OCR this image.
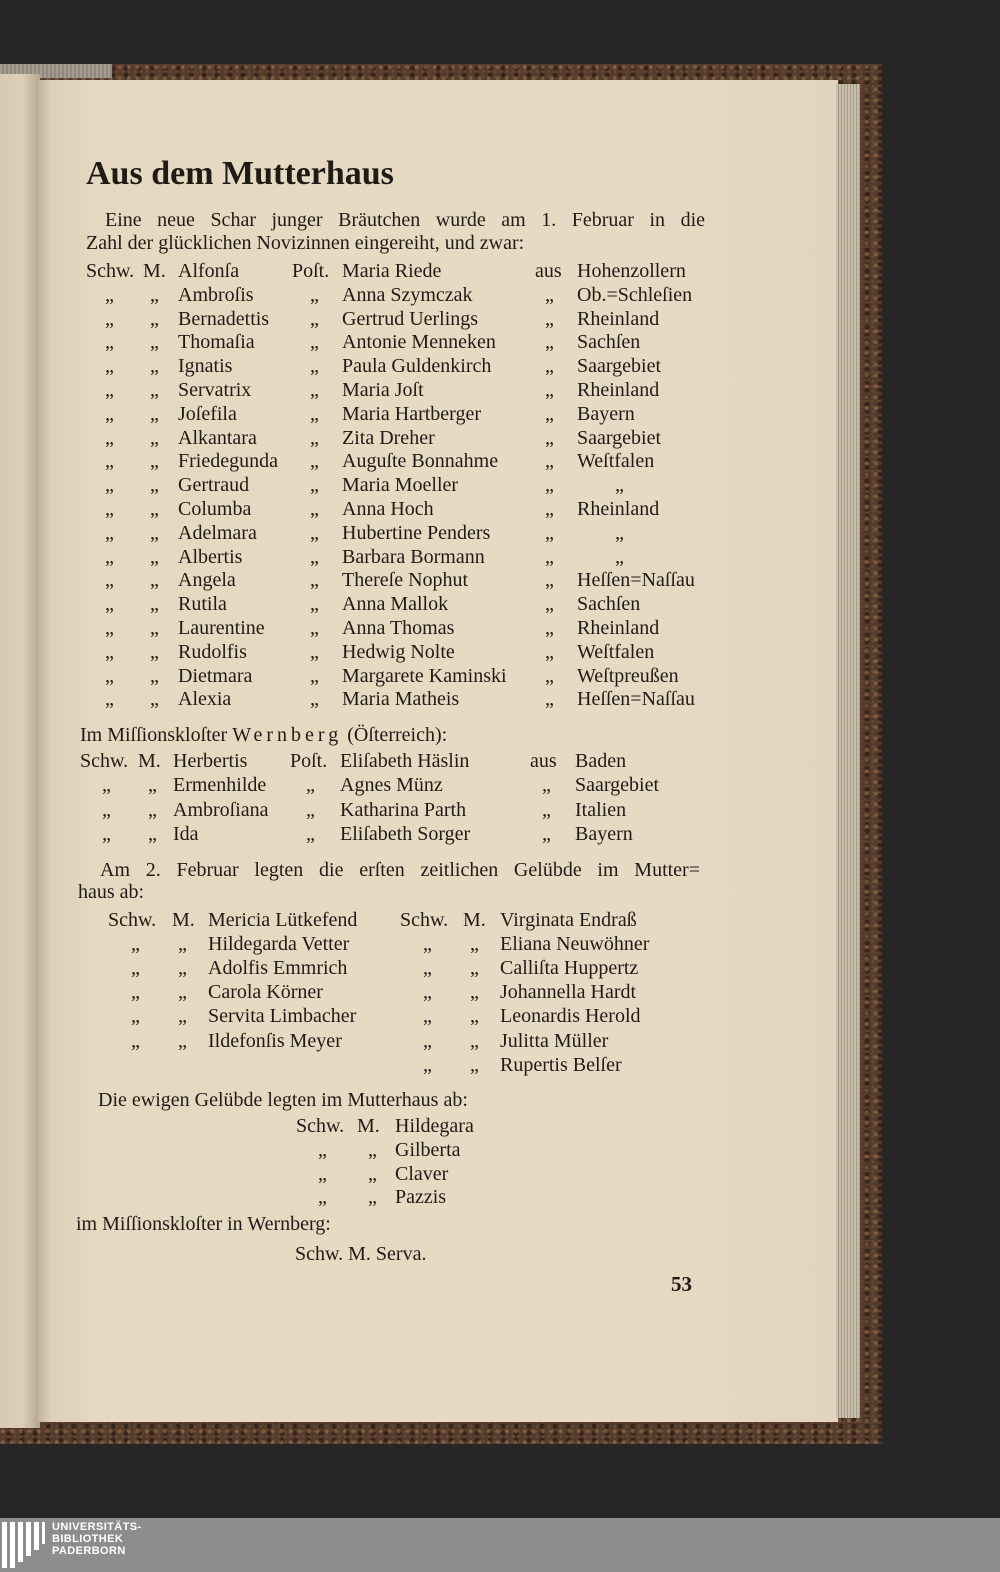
Aus dem Mutterhaus
Eine neue Schar junger Bräutchen wurde am 1. Februar in die
Zahl der glücklichen Novizinnen eingereiht, und zwar:
Im Miſſionskloſter Wernberg (Öſterreich):
Am 2. Februar legten die erſten zeitlichen Gelübde im Mutter=
haus ab:
Die ewigen Gelübde legten im Mutterhaus ab:
im Miſſionskloſter in Wernberg:
Schw. M. Serva.
53
Schw. M. Alfonſa	Poſt. Maria Riede	aus Hohenzollern
„ „ Ambroſis	„ Anna Szymczak	„ Ob.=Schleſien
„ „ Bernadettis „ Gertrud Uerlings	„ Rheinland
„ „ Thomaſia	„ Antonie Menneken „ Sachſen
„ „ Ignatis	„ Paula Guldenkirch	„ Saargebiet
„ „ Servatrix	„ Maria Joſt	„ Rheinland
„ „ Joſefila	„ Maria Hartberger	„ Bayern
„ „ Alkantara	„ Zita Dreher	„ Saargebiet
„ „ Friedegunda „ Auguſte Bonnahme „ Weſtfalen
„ „ Gertraud	„ Maria Moeller	„	„
„ „ Columba	„ Anna Hoch	„ Rheinland
„ „ Adelmara	„ Hubertine Penders	„	„
„ „ Albertis	„ Barbara Bormann	„	„
„ „ Angela	„ Thereſe Nophut	„ Heſſen=Naſſau
„ „ Rutila	„ Anna Mallok	„ Sachſen
„ „ Laurentine „ Anna Thomas	„ Rheinland
„ „ Rudolfis	„ Hedwig Nolte	„ Weſtfalen
„ „ Dietmara	„ Margarete Kaminski „ Weſtpreußen
„ „ Alexia	„ Maria Matheis	„ Heſſen=Naſſau
Schw. M. Herbertis Poſt. Eliſabeth Häslin	aus Baden
„ „ Ermenhilde „ Agnes Münz	„ Saargebiet
„ „ Ambroſiana „ Katharina Parth	„ Italien
„ „ Ida	„ Eliſabeth Sorger	„ Bayern
Schw. M. Mericia Lütkefend
„ „ Hildegarda Vetter
„ „ Adolfis Emmrich
„ „ Carola Körner
„ „ Servita Limbacher
„ „ Ildefonſis Meyer
Schw. M. Virginata Endraß
„ „ Eliana Neuwöhner
„ „ Calliſta Huppertz
„ „ Johannella Hardt
„ „ Leonardis Herold
„ „ Julitta Müller
„ „ Rupertis Belſer
Schw. M. Hildegara
„ „ Gilberta
„ „ Claver
„ „ Pazzis
UNIVERSITÄTS-
BIBLIOTHEK
PADERBORN
